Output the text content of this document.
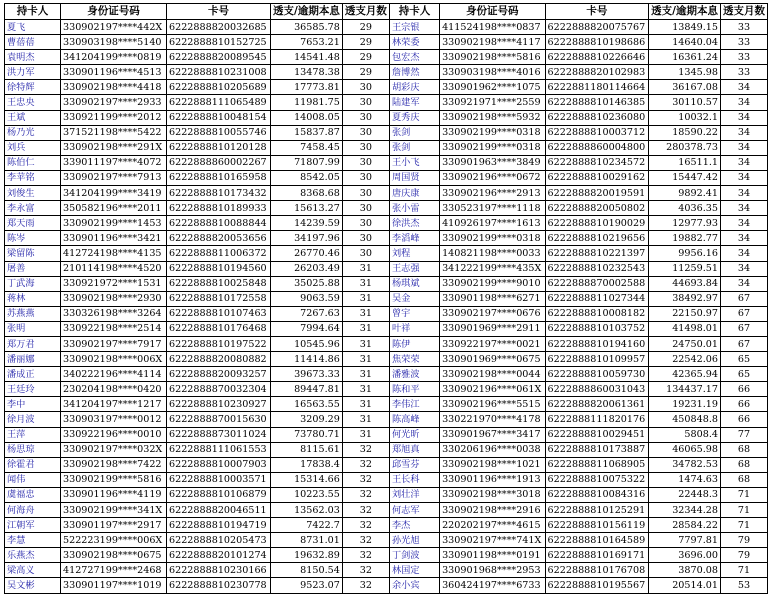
持卡人	身份证号码	卡号	透支/逾期本息	透支月数
夏飞	330902197****442X	6222888820032685	36585.78	29
曹蓓蓓	330903198****5140	6222888810152725	7653.21	29
袁明杰	341204199****0819	6222888820089545	14541.48	29
洪力军	330901196****4513	6222888810231008	13478.38	29
徐特辉	330902198****4418	6222888810205689	17773.81	30
王忠央	330902197****2933	6222888111065489	11981.75	30
王斌	330921199****2012	6222888810048154	14008.05	30
杨乃光	371521198****5422	6222888810055746	15837.87	30
刘兵	330902198****291X	6222888810120128	7458.45	30
陈伯仁	339011197****4072	6222888860002267	71807.99	30
李苹铭	330902197****7913	6222888810165958	8542.05	30
刘俊生	341204199****3419	6222888810173432	8368.68	30
李永富	350582196****2011	6222888810189933	15613.27	30
郑天雨	330902199****1453	6222888810088844	14239.59	30
陈岑	330901196****3421	6222888820053656	34197.96	30
梁留陈	412724198****4135	6222888811006372	26770.46	30
屠善	210114198****4520	6222888810194560	26203.49	31
丁武海	330921972****1531	6222888810025848	35025.88	31
蒋林	330902198****2930	6222888810172558	9063.59	31
苏燕燕	330326198****3264	6222888810107463	7267.63	31
张明	330922198****2514	6222888810176468	7994.64	31
郑万君	330902197****7917	6222888810197522	10545.96	31
潘丽娜	330902198****006X	6222888820080882	11414.86	31
潘成正	340222196****4114	6222888820093257	39673.33	31
王廷玲	230204198****0420	6222888870032304	89447.81	31
李中	341204197****1217	6222888810230927	16563.55	31
徐月波	330903197****0012	6222888870015630	3209.29	31
王萍	330922196****0010	6222888873011024	73780.71	31
杨思琼	330902197****032X	6222888111061553	8115.61	32
徐霍君	330902198****7422	6222888810007903	17838.4	32
闻伟	330902199****5816	6222888810003571	15314.66	32
虞福忠	330901196****4119	6222888810106879	10223.55	32
何海舟	330902199****341X	6222888820046511	13562.03	32
江朝军	330901197****2917	6222888810194719	7422.7	32
李慧	522223199****006X	6222888810205473	8731.01	32
乐燕杰	330902198****0675	6222888820101274	19632.89	32
梁高义	412727199****2468	6222888810230166	8150.54	32
吴文彬	330901197****1019	6222888810230778	9523.07	32
持卡人	身份证号码	卡号	透支/逾期本息	透支月数
王宗银	411524198****0837	6222888820075767	13849.15	33
林荣委	330902198****4117	6222888810198686	14640.04	33
包宏杰	330902198****5816	6222888810226646	16361.24	33
詹博然	330903198****4016	6222888820102983	1345.98	33
胡彩庆	330901962****1075	6222881180114664	36167.08	34
陆建军	330921971****2559	6222888810146385	30110.57	34
夏秀庆	330902198****5932	6222888810236080	10032.1	34
张剑	330902199****0318	6222888810003712	18590.22	34
张剑	330902199****0318	6222888860004800	280378.73	34
王小飞	330901963****3849	6222888810234572	16511.1	34
周国贤	330902196****0672	6222888810029162	15447.42	34
唐庆康	330902196****2913	6222888820019591	9892.41	34
张小雷	330523197****1118	6222888820050802	4036.35	34
徐洪杰	410926197****1613	6222888810190029	12977.93	34
李滔峰	330902199****0318	6222888810219656	19882.77	34
刘程	140821198****0033	6222888810221397	9956.16	34
王志强	341222199****435X	6222888810232543	11259.51	34
杨琪斌	330902199****9010	6222888870002588	44693.84	34
吴金	330901198****6271	6222888811027344	38492.97	67
曾宇	330902197****0676	6222888810008182	22150.97	67
叶祥	330901969****2911	6222888810103752	41498.01	67
陈伊	330922197****0021	6222888810194160	24750.01	67
焦荣荣	330901969****0675	6222888810109957	22542.06	65
潘雅波	330902198****0044	6222888810059730	42365.94	65
陈和平	330902196****061X	6222888860031043	134437.17	66
李伟江	330902196****5515	6222888820061361	19231.19	66
陈高峰	330221970****4178	6222888111820176	450848.8	66
何光昕	330901967****3417	6222888810029451	5808.4	77
郑旭真	330206196****0038	6222888810173887	46065.98	68
邱雪芬	330902198****1021	6222888811068905	34782.53	68
王长科	330901196****1913	6222888810075322	1474.63	68
刘壮洋	330902198****3018	6222888810084316	22448.3	71
何志军	330902198****2916	6222888810125291	32344.28	71
李杰	220202197****4615	6222888810156119	28584.22	71
孙光旭	330902197****741X	6222888810164589	7797.81	79
丁剑波	330901198****0191	6222888810169171	3696.00	79
林国定	330901968****2953	6222888810176708	3870.08	71
余小宾	360424197****6733	6222888810195567	20514.01	53
